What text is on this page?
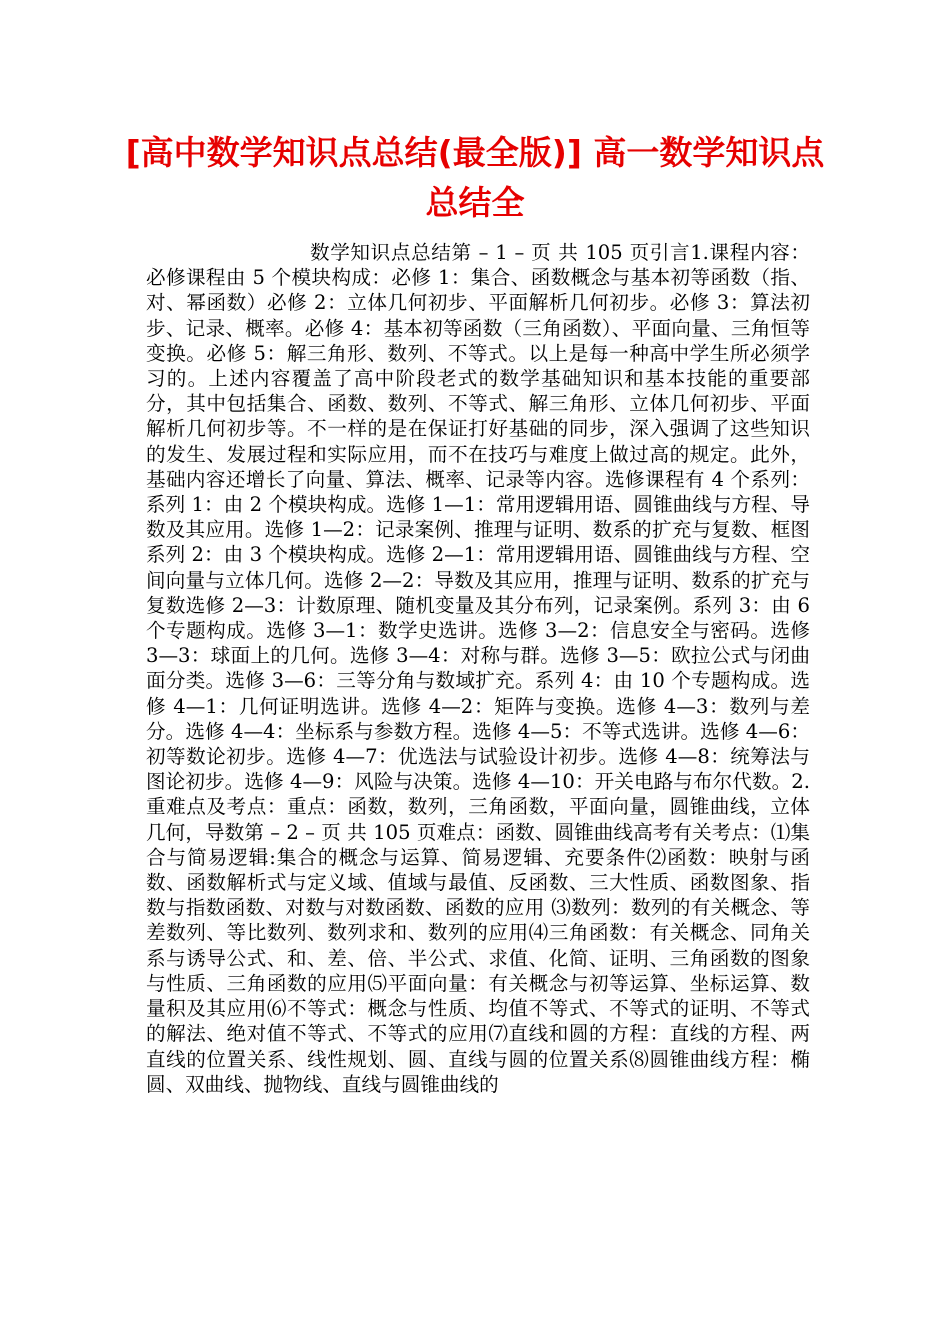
[高中数学知识点总结(最全版)] 高一数学知识点总结全

数学知识点总结第 – 1 – 页 共 105 页引言1.课程内容：必修课程由 5 个模块构成：必修 1：集合、函数概念与基本初等函数（指、对、幂函数）必修 2：立体几何初步、平面解析几何初步。必修 3：算法初步、记录、概率。必修 4：基本初等函数（三角函数）、平面向量、三角恒等变换。必修 5：解三角形、数列、不等式。以上是每一种高中学生所必须学习的。上述内容覆盖了高中阶段老式的数学基础知识和基本技能的重要部分，其中包括集合、函数、数列、不等式、解三角形、立体几何初步、平面解析几何初步等。不一样的是在保证打好基础的同步，深入强调了这些知识的发生、发展过程和实际应用，而不在技巧与难度上做过高的规定。此外，基础内容还增长了向量、算法、概率、记录等内容。选修课程有 4 个系列：系列 1：由 2 个模块构成。选修 1—1：常用逻辑用语、圆锥曲线与方程、导数及其应用。选修 1—2：记录案例、推理与证明、数系的扩充与复数、框图系列 2：由 3 个模块构成。选修 2—1：常用逻辑用语、圆锥曲线与方程、空间向量与立体几何。选修 2—2：导数及其应用，推理与证明、数系的扩充与复数选修 2—3：计数原理、随机变量及其分布列，记录案例。系列 3：由 6 个专题构成。选修 3—1：数学史选讲。选修 3—2：信息安全与密码。选修 3—3：球面上的几何。选修 3—4：对称与群。选修 3—5：欧拉公式与闭曲面分类。选修 3—6：三等分角与数域扩充。系列 4：由 10 个专题构成。选修 4—1：几何证明选讲。选修 4—2：矩阵与变换。选修 4—3：数列与差分。选修 4—4：坐标系与参数方程。选修 4—5：不等式选讲。选修 4—6：初等数论初步。选修 4—7：优选法与试验设计初步。选修 4—8：统筹法与图论初步。选修 4—9：风险与决策。选修 4—10：开关电路与布尔代数。2.重难点及考点：重点：函数，数列，三角函数，平面向量，圆锥曲线，立体几何，导数第 – 2 – 页 共 105 页难点：函数、圆锥曲线高考有关考点：⑴集合与简易逻辑:集合的概念与运算、简易逻辑、充要条件⑵函数：映射与函数、函数解析式与定义域、值域与最值、反函数、三大性质、函数图象、指数与指数函数、对数与对数函数、函数的应用 ⑶数列：数列的有关概念、等差数列、等比数列、数列求和、数列的应用⑷三角函数：有关概念、同角关系与诱导公式、和、差、倍、半公式、求值、化简、证明、三角函数的图象与性质、三角函数的应用⑸平面向量：有关概念与初等运算、坐标运算、数量积及其应用⑹不等式：概念与性质、均值不等式、不等式的证明、不等式的解法、绝对值不等式、不等式的应用⑺直线和圆的方程：直线的方程、两直线的位置关系、线性规划、圆、直线与圆的位置关系⑻圆锥曲线方程：椭圆、双曲线、抛物线、直线与圆锥曲线的
